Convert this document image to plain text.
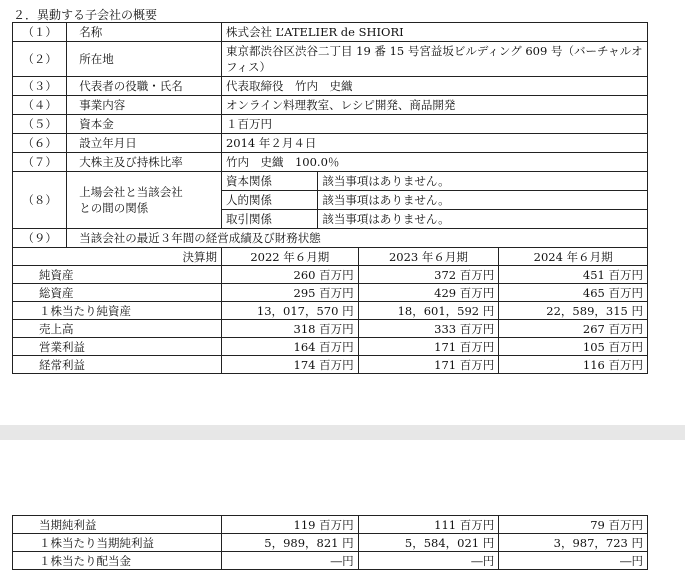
２．異動する子会社の概要
（１）	名称	株式会社 L’ATELIER de SHIORI			
（２）	所在地	東京都渋谷区渋谷二丁目 19 番 15 号宮益坂ビルディング 609 号（バーチャルオフィス）			
（３）	代表者の役職・氏名	代表取締役　竹内　史織			
（４）	事業内容	オンライン料理教室、レシピ開発、商品開発			
（５）	資本金	１百万円			
（６）	設立年月日	2014 年２月４日			
（７）	大株主及び持株比率	竹内　史織　100.0％			
（８）	上場会社と当該会社
との間の関係	資本関係	該当事項はありません。		
		人的関係	該当事項はありません。		
		取引関係	該当事項はありません。		
（９）	当該会社の最近３年間の経営成績及び財務状態				
決算期		2022 年６月期		2023 年６月期	2024 年６月期
純資産		260 百万円		372 百万円	451 百万円
総資産		295 百万円		429 百万円	465 百万円
１株当たり純資産		13，017，570 円		18，601，592 円	22，589，315 円
売上高		318 百万円		333 百万円	267 百万円
営業利益		164 百万円		171 百万円	105 百万円
経常利益		174 百万円		171 百万円	116 百万円
当期純利益	119 百万円	111 百万円	79 百万円
１株当たり当期純利益	5，989，821 円	5，584，021 円	3，987，723 円
１株当たり配当金	―円	―円	―円
